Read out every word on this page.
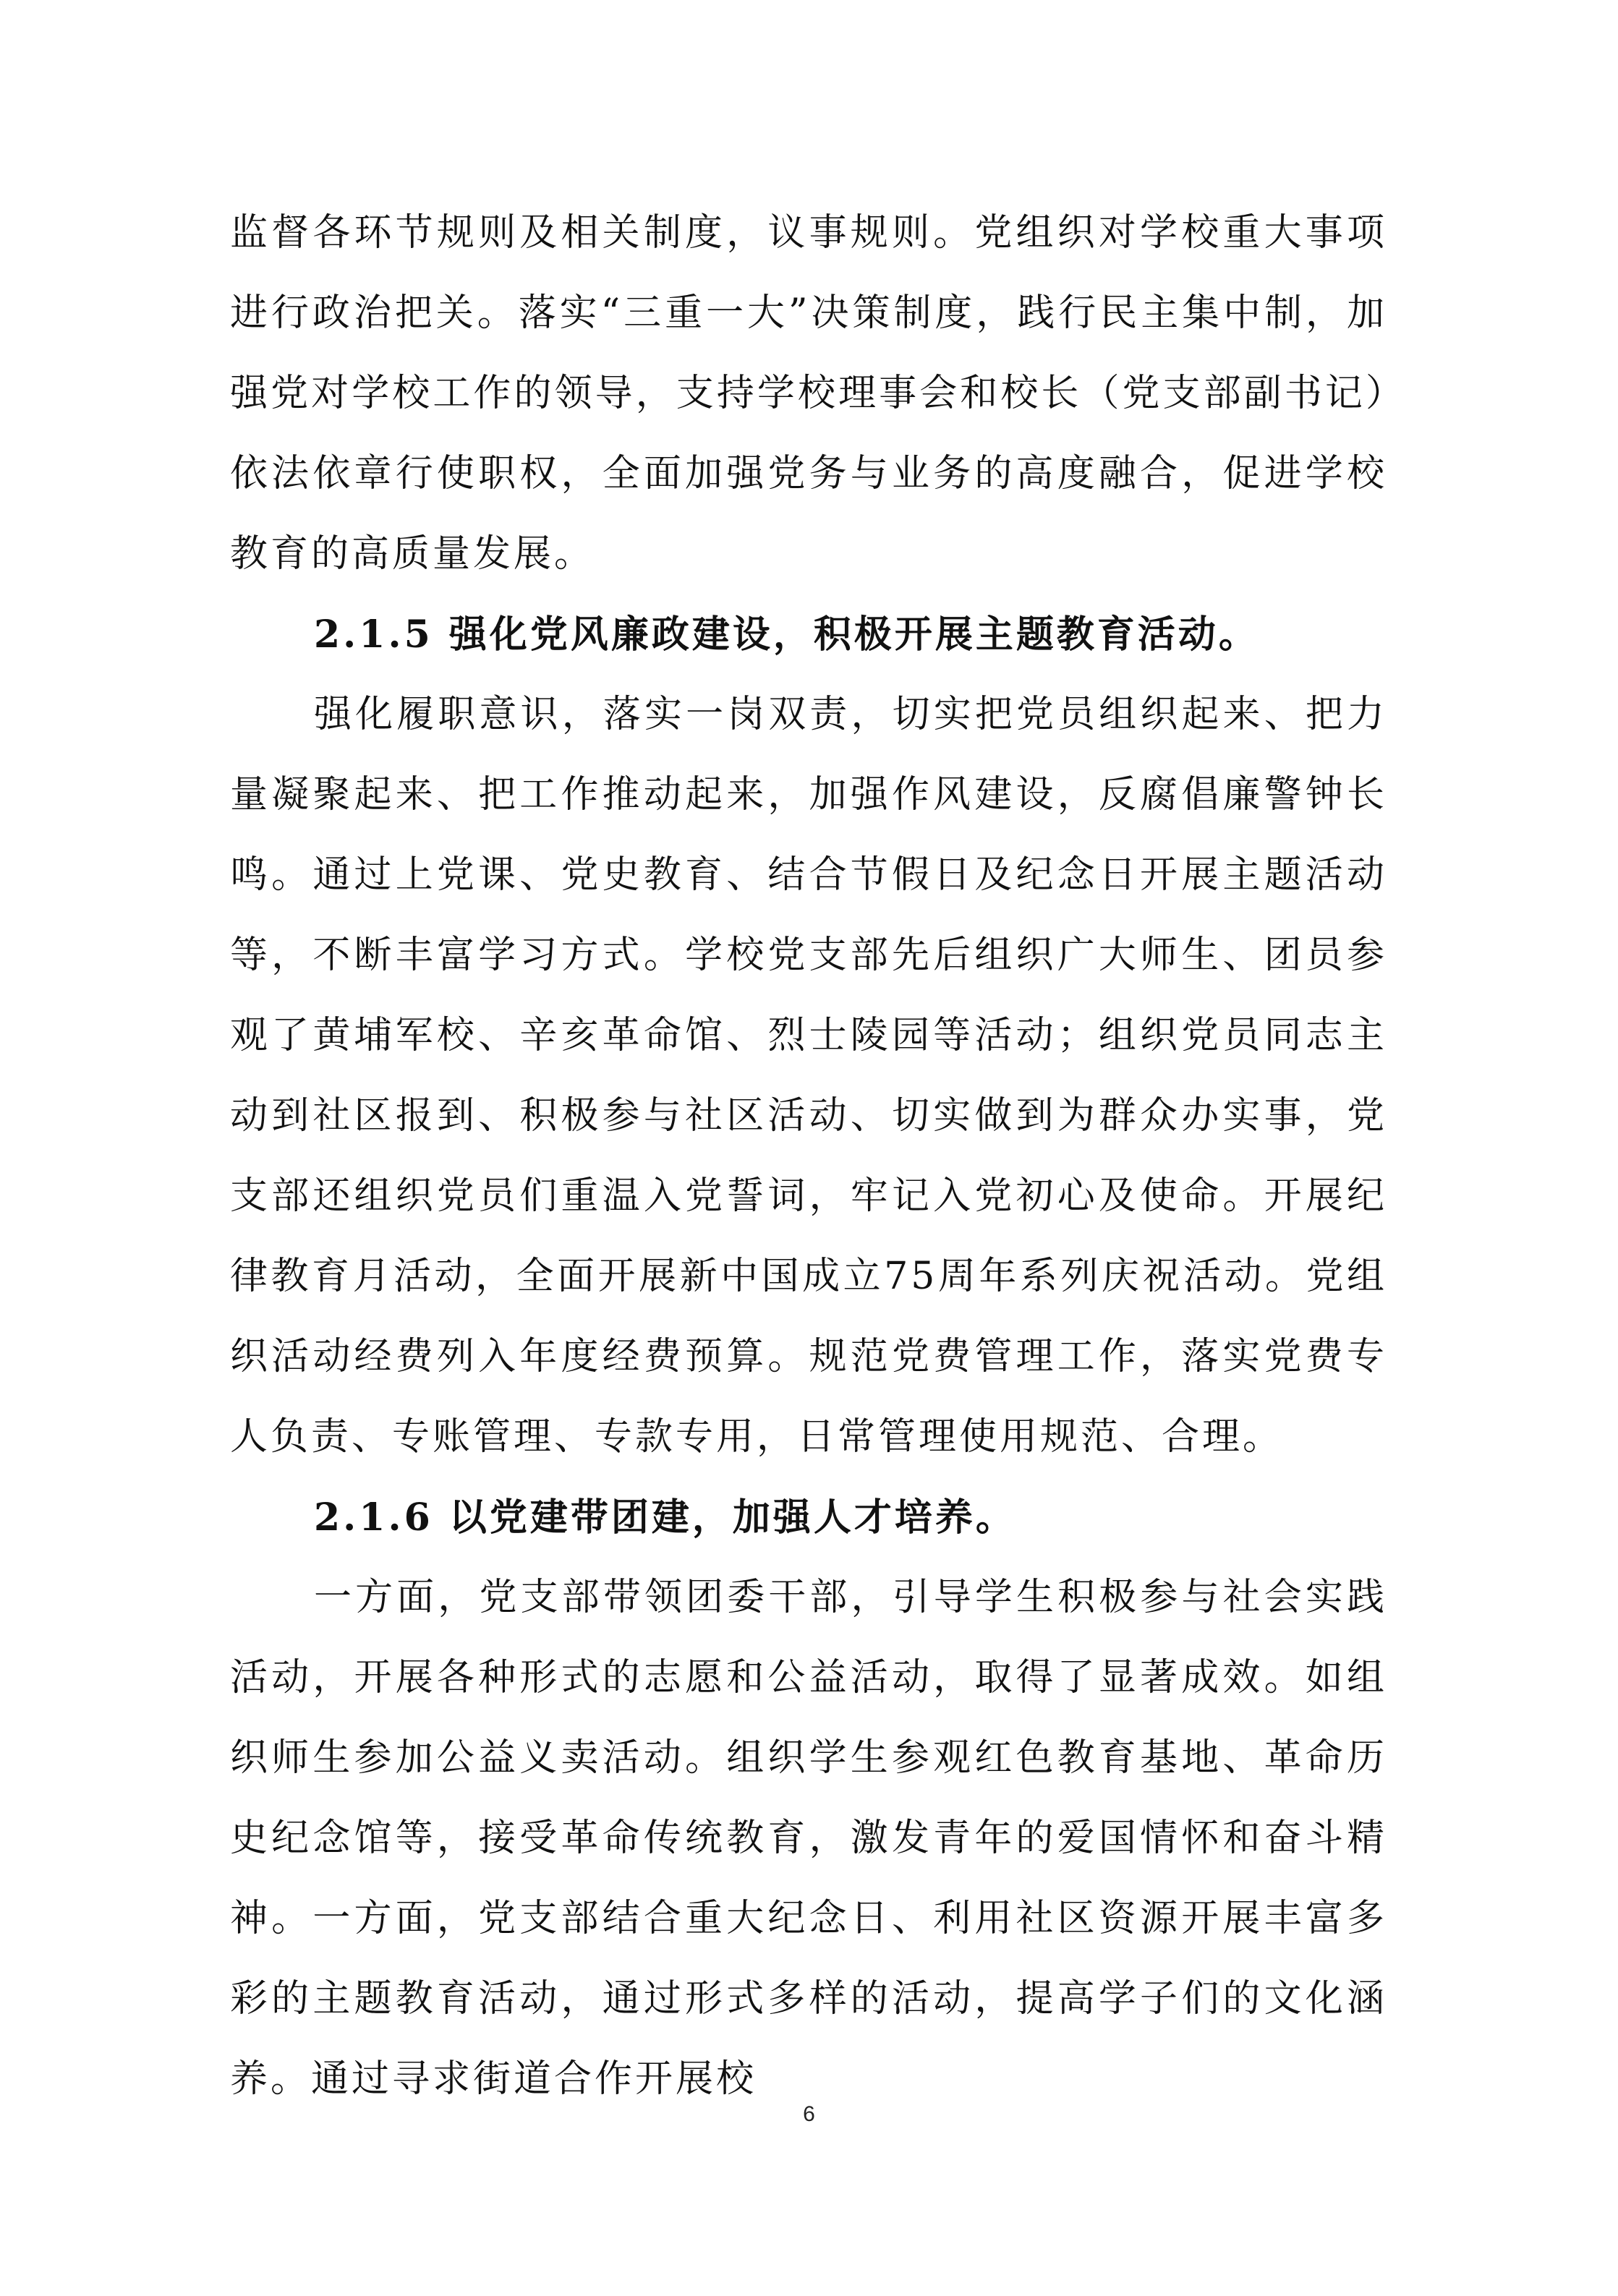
监督各环节规则及相关制度，议事规则。党组织对学校重大事项进行政治把关。落实“三重一大”决策制度，践行民主集中制，加强党对学校工作的领导，支持学校理事会和校长（党支部副书记）依法依章行使职权，全面加强党务与业务的高度融合，促进学校教育的高质量发展。

2.1.5 强化党风廉政建设，积极开展主题教育活动。

强化履职意识，落实一岗双责，切实把党员组织起来、把力量凝聚起来、把工作推动起来，加强作风建设，反腐倡廉警钟长鸣。通过上党课、党史教育、结合节假日及纪念日开展主题活动等，不断丰富学习方式。学校党支部先后组织广大师生、团员参观了黄埔军校、辛亥革命馆、烈士陵园等活动；组织党员同志主动到社区报到、积极参与社区活动、切实做到为群众办实事，党支部还组织党员们重温入党誓词，牢记入党初心及使命。开展纪律教育月活动，全面开展新中国成立75周年系列庆祝活动。党组织活动经费列入年度经费预算。规范党费管理工作，落实党费专人负责、专账管理、专款专用，日常管理使用规范、合理。

2.1.6 以党建带团建，加强人才培养。

一方面，党支部带领团委干部，引导学生积极参与社会实践活动，开展各种形式的志愿和公益活动，取得了显著成效。如组织师生参加公益义卖活动。组织学生参观红色教育基地、革命历史纪念馆等，接受革命传统教育，激发青年的爱国情怀和奋斗精神。一方面，党支部结合重大纪念日、利用社区资源开展丰富多彩的主题教育活动，通过形式多样的活动，提高学子们的文化涵养。通过寻求街道合作开展校

6
